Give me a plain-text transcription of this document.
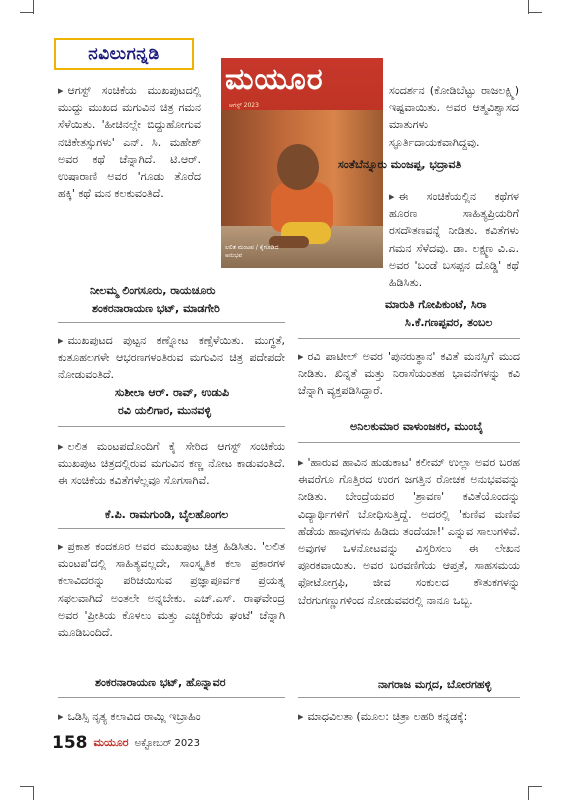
ನವಿಲುಗನ್ನಡಿ
ಮಯೂರ
ಆಗಸ್ಟ್ 2023
ಲಲಿತ ಮಂಟಪ / ಕೈಗೂಡಿದ ಅನುಭವ

▸ ಆಗಸ್ಟ್ ಸಂಚಿಕೆಯ ಮುಖಪುಟದಲ್ಲಿ ಮುದ್ದು ಮುಖದ ಮಗುವಿನ ಚಿತ್ರ ಗಮನ ಸೆಳೆಯಿತು. 'ಹೀಚಿನಲ್ಲೇ ಬಿದ್ದುಹೋಗುವ ನಚಿಕೇತಸ್ಸುಗಳು' ಎನ್. ಸಿ. ಮಹೇಶ್ ಅವರ ಕಥೆ ಚೆನ್ನಾಗಿದೆ. ಟಿ.ಆರ್. ಉಷಾರಾಣಿ ಅವರ 'ಗೂಡು ತೊರೆದ ಹಕ್ಕಿ' ಕಥೆ ಮನ ಕಲಕುವಂತಿದೆ.

ನೀಲಮ್ಮ ಲಿಂಗಸೂರು, ರಾಯಚೂರು
ಶಂಕರನಾರಾಯಣ ಭಟ್, ಮಾಡಗೇರಿ

▸ ಮುಖಪುಟದ ಪುಟ್ಟನ ಕಣ್ನೋಟ ಕಣ್ಸೆಳೆಯಿತು. ಮುಗ್ಧತೆ, ಕುತೂಹಲಗಳೇ ಆಭರಣಗಳಂತಿರುವ ಮಗುವಿನ ಚಿತ್ರ ಪದೇಪದೇ ನೋಡುವಂತಿದೆ.

ಸುಶೀಲಾ ಆರ್. ರಾವ್, ಉಡುಪಿ
ರವಿ ಯಲಿಗಾರ, ಮುನವಳ್ಳಿ

▸ ಲಲಿತ ಮಂಟಪದೊಂದಿಗೆ ಕೈ ಸೇರಿದ ಆಗಸ್ಟ್ ಸಂಚಿಕೆಯ ಮುಖಪುಟ ಚಿತ್ರದಲ್ಲಿರುವ ಮಗುವಿನ ಕಣ್ಣ ನೋಟ ಕಾಡುವಂತಿದೆ. ಈ ಸಂಚಿಕೆಯ ಕವಿತೆಗಳೆಲ್ಲವೂ ಸೊಗಸಾಗಿವೆ.

ಕೆ.ಪಿ. ರಾಮಗುಂಡಿ, ಬೈಲಹೊಂಗಲ

▸ ಪ್ರಕಾಶ ಕಂದಕೂರ ಅವರ ಮುಖಪುಟ ಚಿತ್ರ ಹಿಡಿಸಿತು. 'ಲಲಿತ ಮಂಟಪ'ದಲ್ಲಿ ಸಾಹಿತ್ಯವಲ್ಲದೇ, ಸಾಂಸ್ಕೃತಿಕ ಕಲಾ ಪ್ರಕಾರಗಳ ಕಲಾವಿದರನ್ನು ಪರಿಚಯಿಸುವ ಪ್ರಜ್ಞಾಪೂರ್ವಕ ಪ್ರಯತ್ನ ಸಫಲವಾಗಿದೆ ಅಂತಲೇ ಅನ್ನಬೇಕು. ಎಚ್.ಎಸ್. ರಾಘವೇಂದ್ರ ಅವರ 'ಪ್ರೀತಿಯ ಕೊಳಲು ಮತ್ತು ಎಚ್ಚರಿಕೆಯ ಘಂಟೆ' ಚೆನ್ನಾಗಿ ಮೂಡಿಬಂದಿದೆ.

ಶಂಕರನಾರಾಯಣ ಭಟ್, ಹೊನ್ನಾವರ

▸ ಒಡಿಸ್ಸಿ ನೃತ್ಯ ಕಲಾವಿದ ರಾಮ್ಲಿ ಇಬ್ರಾಹಿಂ

ಸಂದರ್ಶನ (ಕೋಡಿಬೆಟ್ಟು ರಾಜಲಕ್ಷ್ಮಿ) ಇಷ್ಟವಾಯಿತು. ಅವರ ಆತ್ಮವಿಶ್ವಾಸದ ಮಾತುಗಳು ಸ್ಫೂರ್ತಿದಾಯಕವಾಗಿದ್ದವು.

ಸಂತೆಬೆನ್ನೂರು ಮಂಜಪ್ಪ, ಭದ್ರಾವತಿ

▸ ಈ ಸಂಚಿಕೆಯಲ್ಲಿನ ಕಥೆಗಳ ಹೂರಣ ಸಾಹಿತ್ಯಪ್ರಿಯರಿಗೆ ರಸದೌತಣವನ್ನೆ ನೀಡಿತು. ಕವಿತೆಗಳು ಗಮನ ಸೆಳೆದವು. ಡಾ. ಲಕ್ಷ್ಮಣ ವಿ.ಎ. ಅವರ 'ಬಂಡೆ ಬಸಪ್ಪನ ದೊಡ್ಡಿ' ಕಥೆ ಹಿಡಿಸಿತು.

ಮಾರುತಿ ಗೋಪಿಕುಂಟೆ, ಸಿರಾ
ಸಿ.ಕೆ.ಗಣಪ್ಪವರ, ತಂಬಲ

▸ ರವಿ ಪಾಟೀಲ್ ಅವರ 'ಪುನರುತ್ಥಾನ' ಕವಿತೆ ಮನಸ್ಸಿಗೆ ಮುದ ನೀಡಿತು. ಖಿನ್ನತೆ ಮತ್ತು ನಿರಾಸೆಯಂತಹ ಭಾವನೆಗಳನ್ನು ಕವಿ ಚೆನ್ನಾಗಿ ವ್ಯಕ್ತಪಡಿಸಿದ್ದಾರೆ.

ಅನಿಲಕುಮಾರ ವಾಳುಂಜಕರ, ಮುಂಬೈ

▸ 'ಹಾರುವ ಹಾವಿನ ಹುಡುಕಾಟ' ಕಲೀಮ್ ಉಲ್ಲಾ ಅವರ ಬರಹ ಈವರೆಗೂ ಗೊತ್ತಿರದ ಉರಗ ಜಗತ್ತಿನ ರೋಚಕ ಅನುಭವವನ್ನು ನೀಡಿತು. ಬೇಂದ್ರೆಯವರ 'ಶ್ರಾವಣ' ಕವಿತೆಯೊಂದನ್ನು ವಿದ್ಯಾರ್ಥಿಗಳಿಗೆ ಬೋಧಿಸುತ್ತಿದ್ದೆ. ಅದರಲ್ಲಿ 'ಕುಣಿವ ಮಣಿವ ಹೆಡೆಯ ಹಾವುಗಳನು ಹಿಡಿದು ತಂದೆಯಾ!' ಎನ್ನುವ ಸಾಲುಗಳಿವೆ. ಅವುಗಳ ಒಳನೋಟವನ್ನು ವಿಸ್ತರಿಸಲು ಈ ಲೇಖನ ಪೂರಕವಾಯಿತು. ಅವರ ಬರವಣಿಗೆಯ ಆಪ್ತತೆ, ಸಾಹಸಮಯ ಫೋಟೋಗ್ರಫಿ, ಜೀವ ಸಂಕುಲದ ಕೌತುಕಗಳನ್ನು ಬೆರಗುಗಣ್ಣುಗಳಿಂದ ನೋಡುವವರಲ್ಲಿ ನಾನೂ ಒಬ್ಬ.

ನಾಗರಾಜ ಮಗ್ಗದ, ಬೋರಗಹಳ್ಳಿ

▸ ಮಾಧವಿಲತಾ (ಮೂಲ: ಚಿತ್ರಾ ಲಹರಿ ಕನ್ನಡಕ್ಕೆ:

158 ಮಯೂರ ಅಕ್ಟೋಬರ್ 2023
